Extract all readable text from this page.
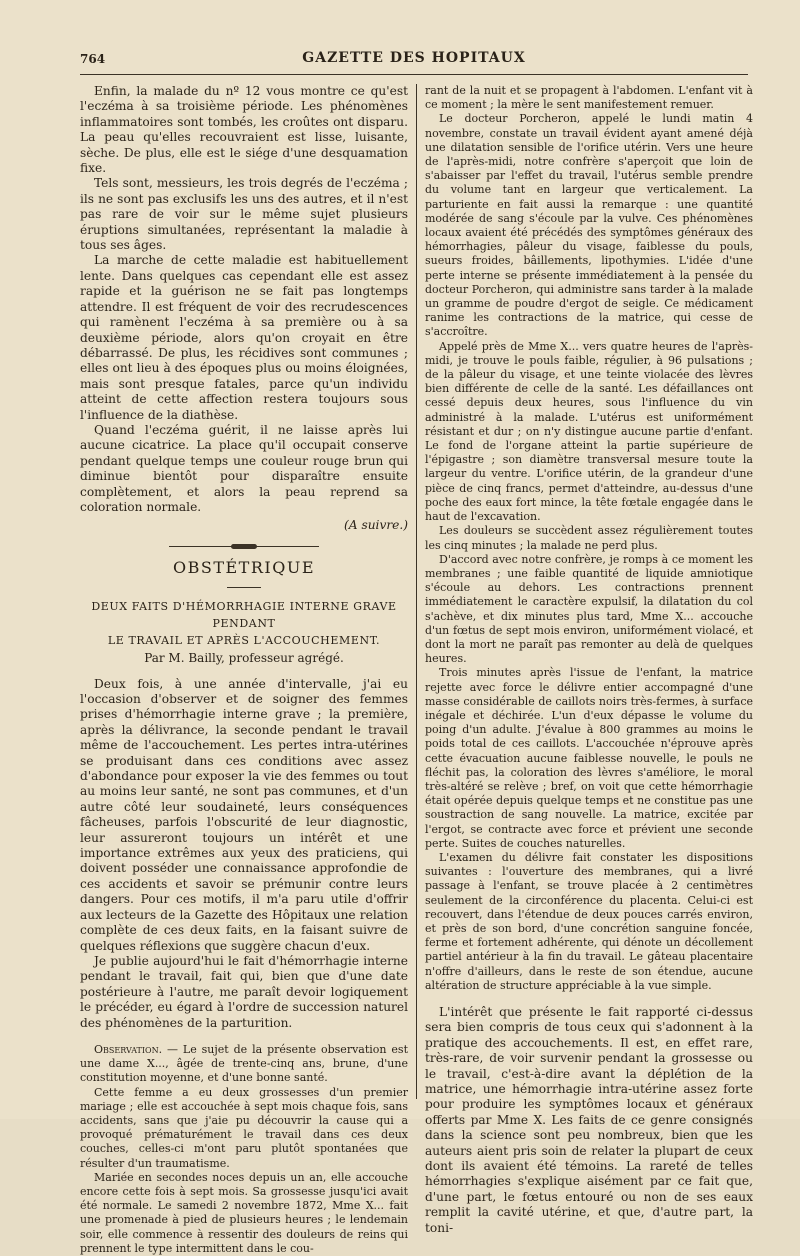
764	GAZETTE DES HOPITAUX

Enfin, la malade du nº 12 vous montre ce qu'est l'eczéma à sa troisième période. Les phénomènes inflammatoires sont tombés, les croûtes ont disparu. La peau qu'elles recouvraient est lisse, luisante, sèche. De plus, elle est le siége d'une desquamation fixe.

Tels sont, messieurs, les trois degrés de l'eczéma ; ils ne sont pas exclusifs les uns des autres, et il n'est pas rare de voir sur le même sujet plusieurs éruptions simultanées, représentant la maladie à tous ses âges.

La marche de cette maladie est habituellement lente. Dans quelques cas cependant elle est assez rapide et la guérison ne se fait pas longtemps attendre. Il est fréquent de voir des recrudescences qui ramènent l'eczéma à sa première ou à sa deuxième période, alors qu'on croyait en être débarrassé. De plus, les récidives sont communes ; elles ont lieu à des époques plus ou moins éloignées, mais sont presque fatales, parce qu'un individu atteint de cette affection restera toujours sous l'influence de la diathèse.

Quand l'eczéma guérit, il ne laisse après lui aucune cicatrice. La place qu'il occupait conserve pendant quelque temps une couleur rouge brun qui diminue bientôt pour disparaître ensuite complètement, et alors la peau reprend sa coloration normale.

(A suivre.)
OBSTÉTRIQUE
DEUX FAITS D'HÉMORRHAGIE INTERNE GRAVE PENDANT
LE TRAVAIL ET APRÈS L'ACCOUCHEMENT.
Par M. Bailly, professeur agrégé.

Deux fois, à une année d'intervalle, j'ai eu l'occasion d'observer et de soigner des femmes prises d'hémorrhagie interne grave ; la première, après la délivrance, la seconde pendant le travail même de l'accouchement. Les pertes intra-utérines se produisant dans ces conditions avec assez d'abondance pour exposer la vie des femmes ou tout au moins leur santé, ne sont pas communes, et d'un autre côté leur soudaineté, leurs conséquences fâcheuses, parfois l'obscurité de leur diagnostic, leur assureront toujours un intérêt et une importance extrêmes aux yeux des praticiens, qui doivent posséder une connaissance approfondie de ces accidents et savoir se prémunir contre leurs dangers. Pour ces motifs, il m'a paru utile d'offrir aux lecteurs de la Gazette des Hôpitaux une relation complète de ces deux faits, en la faisant suivre de quelques réflexions que suggère chacun d'eux.

Je publie aujourd'hui le fait d'hémorrhagie interne pendant le travail, fait qui, bien que d'une date postérieure à l'autre, me paraît devoir logiquement le précéder, eu égard à l'ordre de succession naturel des phénomènes de la parturition.

Observation. — Le sujet de la présente observation est une dame X..., âgée de trente-cinq ans, brune, d'une constitution moyenne, et d'une bonne santé.

Cette femme a eu deux grossesses d'un premier mariage ; elle est accouchée à sept mois chaque fois, sans accidents, sans que j'aie pu découvrir la cause qui a provoqué prématurément le travail dans ces deux couches, celles-ci m'ont paru plutôt spontanées que résulter d'un traumatisme.

Mariée en secondes noces depuis un an, elle accouche encore cette fois à sept mois. Sa grossesse jusqu'ici avait été normale. Le samedi 2 novembre 1872, Mme X... fait une promenade à pied de plusieurs heures ; le lendemain soir, elle commence à ressentir des douleurs de reins qui prennent le type intermittent dans le cou-

rant de la nuit et se propagent à l'abdomen. L'enfant vit à ce moment ; la mère le sent manifestement remuer.

Le docteur Porcheron, appelé le lundi matin 4 novembre, constate un travail évident ayant amené déjà une dilatation sensible de l'orifice utérin. Vers une heure de l'après-midi, notre confrère s'aperçoit que loin de s'abaisser par l'effet du travail, l'utérus semble prendre du volume tant en largeur que verticalement. La parturiente en fait aussi la remarque : une quantité modérée de sang s'écoule par la vulve. Ces phénomènes locaux avaient été précédés des symptômes généraux des hémorrhagies, pâleur du visage, faiblesse du pouls, sueurs froides, bâillements, lipothymies. L'idée d'une perte interne se présente immédiatement à la pensée du docteur Porcheron, qui administre sans tarder à la malade un gramme de poudre d'ergot de seigle. Ce médicament ranime les contractions de la matrice, qui cesse de s'accroître.

Appelé près de Mme X... vers quatre heures de l'après-midi, je trouve le pouls faible, régulier, à 96 pulsations ; de la pâleur du visage, et une teinte violacée des lèvres bien différente de celle de la santé. Les défaillances ont cessé depuis deux heures, sous l'influence du vin administré à la malade. L'utérus est uniformément résistant et dur ; on n'y distingue aucune partie d'enfant. Le fond de l'organe atteint la partie supérieure de l'épigastre ; son diamètre transversal mesure toute la largeur du ventre. L'orifice utérin, de la grandeur d'une pièce de cinq francs, permet d'atteindre, au-dessus d'une poche des eaux fort mince, la tête fœtale engagée dans le haut de l'excavation.

Les douleurs se succèdent assez régulièrement toutes les cinq minutes ; la malade ne perd plus.

D'accord avec notre confrère, je romps à ce moment les membranes ; une faible quantité de liquide amniotique s'écoule au dehors. Les contractions prennent immédiatement le caractère expulsif, la dilatation du col s'achève, et dix minutes plus tard, Mme X... accouche d'un fœtus de sept mois environ, uniformément violacé, et dont la mort ne paraît pas remonter au delà de quelques heures.

Trois minutes après l'issue de l'enfant, la matrice rejette avec force le délivre entier accompagné d'une masse considérable de caillots noirs très-fermes, à surface inégale et déchirée. L'un d'eux dépasse le volume du poing d'un adulte. J'évalue à 800 grammes au moins le poids total de ces caillots. L'accouchée n'éprouve après cette évacuation aucune faiblesse nouvelle, le pouls ne fléchit pas, la coloration des lèvres s'améliore, le moral très-altéré se relève ; bref, on voit que cette hémorrhagie était opérée depuis quelque temps et ne constitue pas une soustraction de sang nouvelle. La matrice, excitée par l'ergot, se contracte avec force et prévient une seconde perte. Suites de couches naturelles.

L'examen du délivre fait constater les dispositions suivantes : l'ouverture des membranes, qui a livré passage à l'enfant, se trouve placée à 2 centimètres seulement de la circonférence du placenta. Celui-ci est recouvert, dans l'étendue de deux pouces carrés environ, et près de son bord, d'une concrétion sanguine foncée, ferme et fortement adhérente, qui dénote un décollement partiel antérieur à la fin du travail. Le gâteau placentaire n'offre d'ailleurs, dans le reste de son étendue, aucune altération de structure appréciable à la vue simple.

L'intérêt que présente le fait rapporté ci-dessus sera bien compris de tous ceux qui s'adonnent à la pratique des accouchements. Il est, en effet rare, très-rare, de voir survenir pendant la grossesse ou le travail, c'est-à-dire avant la déplétion de la matrice, une hémorrhagie intra-utérine assez forte pour produire les symptômes locaux et généraux offerts par Mme X. Les faits de ce genre consignés dans la science sont peu nombreux, bien que les auteurs aient pris soin de relater la plupart de ceux dont ils avaient été témoins. La rareté de telles hémorrhagies s'explique aisément par ce fait que, d'une part, le fœtus entouré ou non de ses eaux remplit la cavité utérine, et que, d'autre part, la toni-
